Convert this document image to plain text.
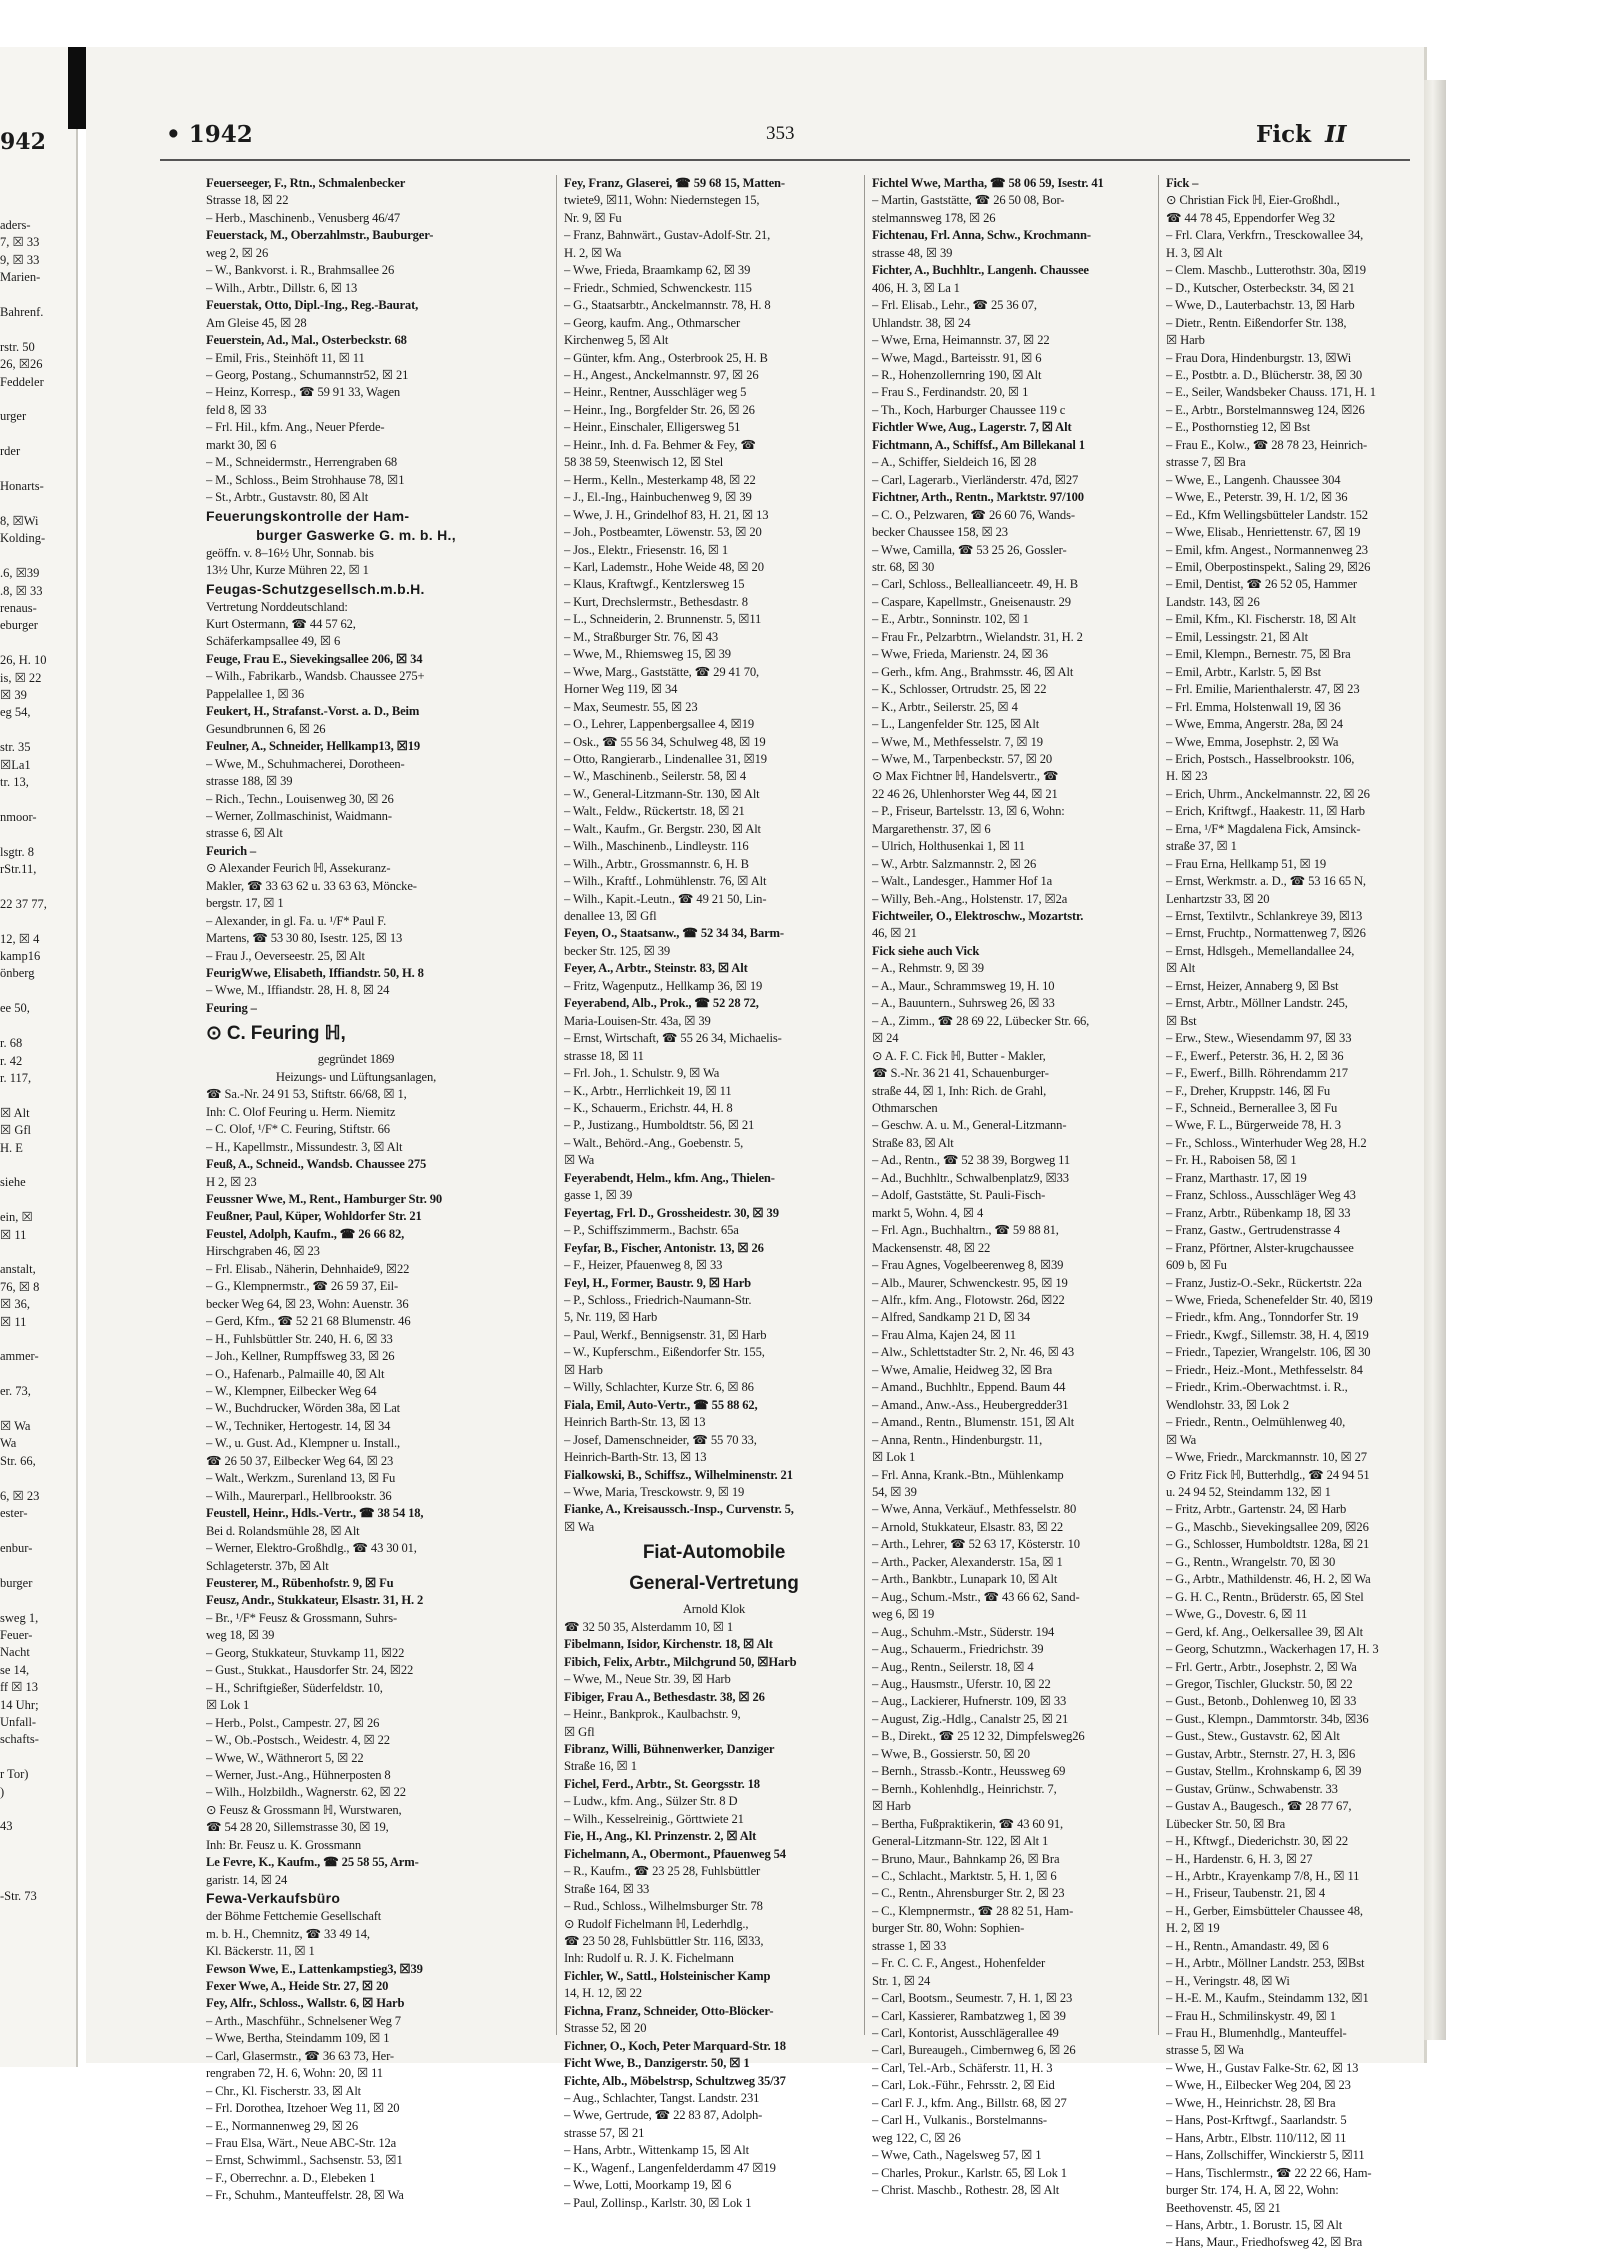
942
aders-
7, ☒ 33
9, ☒ 33
Marien-

Bahrenf.

rstr. 50
26, ☒26
Feddeler

urger

rder

Honarts-

8, ☒Wi
Kolding-

.6, ☒39
.8, ☒ 33
renaus-
eburger

26, H. 10
is, ☒ 22
☒ 39
eg 54,

str. 35
☒La1
tr. 13,

nmoor-

lsgtr. 8
rStr.11,

22 37 77,

12, ☒ 4
kamp16
önberg

ee 50,

r. 68
r. 42
r. 117,

☒ Alt
☒ Gfl
H. E

siehe

ein, ☒
☒ 11

anstalt,
76, ☒ 8
☒ 36,
☒ 11

ammer-

er. 73,

☒ Wa
Wa
Str. 66,

6, ☒ 23
ester-

enbur-

burger

sweg 1,
Feuer-
Nacht
se 14,
ff ☒ 13
14 Uhr;
Unfall-
schafts-

r Tor)
)

43

-Str. 73
• 1942	353	Fick II
Feuerseeger, F., Rtn., Schmalenbecker
Strasse 18, ☒ 22
– Herb., Maschinenb., Venusberg 46/47
Feuerstack, M., Oberzahlmstr., Bauburger-
weg 2, ☒ 26
– W., Bankvorst. i. R., Brahmsallee 26
– Wilh., Arbtr., Dillstr. 6, ☒ 13
Feuerstak, Otto, Dipl.-Ing., Reg.-Baurat,
Am Gleise 45, ☒ 28
Feuerstein, Ad., Mal., Osterbeckstr. 68
– Emil, Fris., Steinhöft 11, ☒ 11
– Georg, Postang., Schumannstr52, ☒ 21
– Heinz, Korresp., ☎ 59 91 33, Wagen
feld 8, ☒ 33
– Frl. Hil., kfm. Ang., Neuer Pferde-
markt 30, ☒ 6
– M., Schneidermstr., Herrengraben 68
– M., Schloss., Beim Strohhause 78, ☒1
– St., Arbtr., Gustavstr. 80, ☒ Alt
Feuerungskontrolle der Ham-
burger Gaswerke G. m. b. H.,
geöffn. v. 8–16½ Uhr, Sonnab. bis
13½ Uhr, Kurze Mühren 22, ☒ 1
Feugas-Schutzgesellsch.m.b.H.
Vertretung Norddeutschland:
Kurt Ostermann, ☎ 44 57 62,
Schäferkampsallee 49, ☒ 6
Feuge, Frau E., Sievekingsallee 206, ☒ 34
– Wilh., Fabrikarb., Wandsb. Chaussee 275+
Pappelallee 1, ☒ 36
Feukert, H., Strafanst.-Vorst. a. D., Beim
Gesundbrunnen 6, ☒ 26
Feulner, A., Schneider, Hellkamp13, ☒19
– Wwe, M., Schuhmacherei, Dorotheen-
strasse 188, ☒ 39
– Rich., Techn., Louisenweg 30, ☒ 26
– Werner, Zollmaschinist, Waidmann-
strasse 6, ☒ Alt
Feurich –
⊙ Alexander Feurich ℍ, Assekuranz-
Makler, ☎ 33 63 62 u. 33 63 63, Möncke-
bergstr. 17, ☒ 1
– Alexander, in gl. Fa. u. ¹/F* Paul F.
Martens, ☎ 53 30 80, Isestr. 125, ☒ 13
– Frau J., Oeverseestr. 25, ☒ Alt
FeurigWwe, Elisabeth, Iffiandstr. 50, H. 8
– Wwe, M., Iffiandstr. 28, H. 8, ☒ 24
Feuring –
⊙ C. Feuring ℍ,
gegründet 1869
Heizungs- und Lüftungsanlagen,
☎ Sa.-Nr. 24 91 53, Stiftstr. 66/68, ☒ 1,
Inh: C. Olof Feuring u. Herm. Niemitz
– C. Olof, ¹/F* C. Feuring, Stiftstr. 66
– H., Kapellmstr., Missundestr. 3, ☒ Alt
Feuß, A., Schneid., Wandsb. Chaussee 275
H 2, ☒ 23
Feussner Wwe, M., Rent., Hamburger Str. 90
Feußner, Paul, Küper, Wohldorfer Str. 21
Feustel, Adolph, Kaufm., ☎ 26 66 82,
Hirschgraben 46, ☒ 23
– Frl. Elisab., Näherin, Dehnhaide9, ☒22
– G., Klempnermstr., ☎ 26 59 37, Eil-
becker Weg 64, ☒ 23, Wohn: Auenstr. 36
– Gerd, Kfm., ☎ 52 21 68 Blumenstr. 46
– H., Fuhlsbüttler Str. 240, H. 6, ☒ 33
– Joh., Kellner, Rumpffsweg 33, ☒ 26
– O., Hafenarb., Palmaille 40, ☒ Alt
– W., Klempner, Eilbecker Weg 64
– W., Buchdrucker, Wörden 38a, ☒ Lat
– W., Techniker, Hertogestr. 14, ☒ 34
– W., u. Gust. Ad., Klempner u. Install.,
☎ 26 50 37, Eilbecker Weg 64, ☒ 23
– Walt., Werkzm., Surenland 13, ☒ Fu
– Wilh., Maurerparl., Hellbrookstr. 36
Feustell, Heinr., Hdls.-Vertr., ☎ 38 54 18,
Bei d. Rolandsmühle 28, ☒ Alt
– Werner, Elektro-Großhdlg., ☎ 43 30 01,
Schlageterstr. 37b, ☒ Alt
Feusterer, M., Rübenhofstr. 9, ☒ Fu
Feusz, Andr., Stukkateur, Elsastr. 31, H. 2
– Br., ¹/F* Feusz & Grossmann, Suhrs-
weg 18, ☒ 39
– Georg, Stukkateur, Stuvkamp 11, ☒22
– Gust., Stukkat., Hausdorfer Str. 24, ☒22
– H., Schriftgießer, Süderfeldstr. 10,
☒ Lok 1
– Herb., Polst., Campestr. 27, ☒ 26
– W., Ob.-Postsch., Weidestr. 4, ☒ 22
– Wwe, W., Wäthnerort 5, ☒ 22
– Werner, Just.-Ang., Hühnerposten 8
– Wilh., Holzbildh., Wagnerstr. 62, ☒ 22
⊙ Feusz & Grossmann ℍ, Wurstwaren,
☎ 54 28 20, Sillemstrasse 30, ☒ 19,
Inh: Br. Feusz u. K. Grossmann
Le Fevre, K., Kaufm., ☎ 25 58 55, Arm-
garistr. 14, ☒ 24
Fewa-Verkaufsbüro
der Böhme Fettchemie Gesellschaft
m. b. H., Chemnitz, ☎ 33 49 14,
Kl. Bäckerstr. 11, ☒ 1
Fewson Wwe, E., Lattenkampstieg3, ☒39
Fexer Wwe, A., Heide Str. 27, ☒ 20
Fey, Alfr., Schloss., Wallstr. 6, ☒ Harb
– Arth., Maschführ., Schnelsener Weg 7
– Wwe, Bertha, Steindamm 109, ☒ 1
– Carl, Glasermstr., ☎ 36 63 73, Her-
rengraben 72, H. 6, Wohn: 20, ☒ 11
– Chr., Kl. Fischerstr. 33, ☒ Alt
– Frl. Dorothea, Itzehoer Weg 11, ☒ 20
– E., Normannenweg 29, ☒ 26
– Frau Elsa, Wärt., Neue ABC-Str. 12a
– Ernst, Schwimml., Sachsenstr. 53, ☒1
– F., Oberrechnr. a. D., Elebeken 1
– Fr., Schuhm., Manteuffelstr. 28, ☒ Wa
Fey, Franz, Glaserei, ☎ 59 68 15, Matten-
twiete9, ☒11, Wohn: Niedernstegen 15,
Nr. 9, ☒ Fu
– Franz, Bahnwärt., Gustav-Adolf-Str. 21,
H. 2, ☒ Wa
– Wwe, Frieda, Braamkamp 62, ☒ 39
– Friedr., Schmied, Schwenckestr. 115
– G., Staatsarbtr., Anckelmannstr. 78, H. 8
– Georg, kaufm. Ang., Othmarscher
Kirchenweg 5, ☒ Alt
– Günter, kfm. Ang., Osterbrook 25, H. B
– H., Angest., Anckelmannstr. 97, ☒ 26
– Heinr., Rentner, Ausschläger weg 5
– Heinr., Ing., Borgfelder Str. 26, ☒ 26
– Heinr., Einschaler, Elligersweg 51
– Heinr., Inh. d. Fa. Behmer & Fey, ☎
58 38 59, Steenwisch 12, ☒ Stel
– Herm., Kelln., Mesterkamp 48, ☒ 22
– J., El.-Ing., Hainbuchenweg 9, ☒ 39
– Wwe, J. H., Grindelhof 83, H. 21, ☒ 13
– Joh., Postbeamter, Löwenstr. 53, ☒ 20
– Jos., Elektr., Friesenstr. 16, ☒ 1
– Karl, Lademstr., Hohe Weide 48, ☒ 20
– Klaus, Kraftwgf., Kentzlersweg 15
– Kurt, Drechslermstr., Bethesdastr. 8
– L., Schneiderin, 2. Brunnenstr. 5, ☒11
– M., Straßburger Str. 76, ☒ 43
– Wwe, M., Rhiemsweg 15, ☒ 39
– Wwe, Marg., Gaststätte, ☎ 29 41 70,
Horner Weg 119, ☒ 34
– Max, Seumestr. 55, ☒ 23
– O., Lehrer, Lappenbergsallee 4, ☒19
– Osk., ☎ 55 56 34, Schulweg 48, ☒ 19
– Otto, Rangierarb., Lindenallee 31, ☒19
– W., Maschinenb., Seilerstr. 58, ☒ 4
– W., General-Litzmann-Str. 130, ☒ Alt
– Walt., Feldw., Rückertstr. 18, ☒ 21
– Walt., Kaufm., Gr. Bergstr. 230, ☒ Alt
– Wilh., Maschinenb., Lindleystr. 116
– Wilh., Arbtr., Grossmannstr. 6, H. B
– Wilh., Kraftf., Lohmühlenstr. 76, ☒ Alt
– Wilh., Kapit.-Leutn., ☎ 49 21 50, Lin-
denallee 13, ☒ Gfl
Feyen, O., Staatsanw., ☎ 52 34 34, Barm-
becker Str. 125, ☒ 39
Feyer, A., Arbtr., Steinstr. 83, ☒ Alt
– Fritz, Wagenputz., Hellkamp 36, ☒ 19
Feyerabend, Alb., Prok., ☎ 52 28 72,
Maria-Louisen-Str. 43a, ☒ 39
– Ernst, Wirtschaft, ☎ 55 26 34, Michaelis-
strasse 18, ☒ 11
– Frl. Joh., 1. Schulstr. 9, ☒ Wa
– K., Arbtr., Herrlichkeit 19, ☒ 11
– K., Schauerm., Erichstr. 44, H. 8
– P., Justizang., Humboldtstr. 56, ☒ 21
– Walt., Behörd.-Ang., Goebenstr. 5,
☒ Wa
Feyerabendt, Helm., kfm. Ang., Thielen-
gasse 1, ☒ 39
Feyertag, Frl. D., Grossheidestr. 30, ☒ 39
– P., Schiffszimmerm., Bachstr. 65a
Feyfar, B., Fischer, Antonistr. 13, ☒ 26
– F., Heizer, Pfauenweg 8, ☒ 33
Feyl, H., Former, Baustr. 9, ☒ Harb
– P., Schloss., Friedrich-Naumann-Str.
5, Nr. 119, ☒ Harb
– Paul, Werkf., Bennigsenstr. 31, ☒ Harb
– W., Kupferschm., Eißendorfer Str. 155,
☒ Harb
– Willy, Schlachter, Kurze Str. 6, ☒ 86
Fiala, Emil, Auto-Vertr., ☎ 55 88 62,
Heinrich Barth-Str. 13, ☒ 13
– Josef, Damenschneider, ☎ 55 70 33,
Heinrich-Barth-Str. 13, ☒ 13
Fialkowski, B., Schiffsz., Wilhelminenstr. 21
– Wwe, Maria, Tresckowstr. 9, ☒ 19
Fianke, A., Kreisaussch.-Insp., Curvenstr. 5,
☒ Wa
Fiat-Automobile
General-Vertretung
Arnold Klok
☎ 32 50 35, Alsterdamm 10, ☒ 1
Fibelmann, Isidor, Kirchenstr. 18, ☒ Alt
Fibich, Felix, Arbtr., Milchgrund 50, ☒Harb
– Wwe, M., Neue Str. 39, ☒ Harb
Fibiger, Frau A., Bethesdastr. 38, ☒ 26
– Heinr., Bankprok., Kaulbachstr. 9,
☒ Gfl
Fibranz, Willi, Bühnenwerker, Danziger
Straße 16, ☒ 1
Fichel, Ferd., Arbtr., St. Georgsstr. 18
– Ludw., kfm. Ang., Sülzer Str. 8 D
– Wilh., Kesselreinig., Görttwiete 21
Fie, H., Ang., Kl. Prinzenstr. 2, ☒ Alt
Fichelmann, A., Obermont., Pfauenweg 54
– R., Kaufm., ☎ 23 25 28, Fuhlsbüttler
Straße 164, ☒ 33
– Rud., Schloss., Wilhelmsburger Str. 78
⊙ Rudolf Fichelmann ℍ, Lederhdlg.,
☎ 23 50 28, Fuhlsbüttler Str. 116, ☒33,
Inh: Rudolf u. R. J. K. Fichelmann
Fichler, W., Sattl., Holsteinischer Kamp
14, H. 12, ☒ 22
Fichna, Franz, Schneider, Otto-Blöcker-
Strasse 52, ☒ 20
Fichner, O., Koch, Peter Marquard-Str. 18
Ficht Wwe, B., Danzigerstr. 50, ☒ 1
Fichte, Alb., Möbelstrsp, Schultzweg 35/37
– Aug., Schlachter, Tangst. Landstr. 231
– Wwe, Gertrude, ☎ 22 83 87, Adolph-
strasse 57, ☒ 21
– Hans, Arbtr., Wittenkamp 15, ☒ Alt
– K., Wagenf., Langenfelderdamm 47 ☒19
– Wwe, Lotti, Moorkamp 19, ☒ 6
– Paul, Zollinsp., Karlstr. 30, ☒ Lok 1
Fichtel Wwe, Martha, ☎ 58 06 59, Isestr. 41
– Martin, Gaststätte, ☎ 26 50 08, Bor-
stelmannsweg 178, ☒ 26
Fichtenau, Frl. Anna, Schw., Krochmann-
strasse 48, ☒ 39
Fichter, A., Buchhltr., Langenh. Chaussee
406, H. 3, ☒ La 1
– Frl. Elisab., Lehr., ☎ 25 36 07,
Uhlandstr. 38, ☒ 24
– Wwe, Erna, Heimannstr. 37, ☒ 22
– Wwe, Magd., Barteisstr. 91, ☒ 6
– R., Hohenzollernring 190, ☒ Alt
– Frau S., Ferdinandstr. 20, ☒ 1
– Th., Koch, Harburger Chaussee 119 c
Fichtler Wwe, Aug., Lagerstr. 7, ☒ Alt
Fichtmann, A., Schiffsf., Am Billekanal 1
– A., Schiffer, Sieldeich 16, ☒ 28
– Carl, Lagerarb., Vierländerstr. 47d, ☒27
Fichtner, Arth., Rentn., Marktstr. 97/100
– C. O., Pelzwaren, ☎ 26 60 76, Wands-
becker Chaussee 158, ☒ 23
– Wwe, Camilla, ☎ 53 25 26, Gossler-
str. 68, ☒ 30
– Carl, Schloss., Belleallianceetr. 49, H. B
– Caspare, Kapellmstr., Gneisenaustr. 29
– E., Arbtr., Sonninstr. 102, ☒ 1
– Frau Fr., Pelzarbtrn., Wielandstr. 31, H. 2
– Wwe, Frieda, Marienstr. 24, ☒ 36
– Gerh., kfm. Ang., Brahmsstr. 46, ☒ Alt
– K., Schlosser, Ortrudstr. 25, ☒ 22
– K., Arbtr., Seilerstr. 25, ☒ 4
– L., Langenfelder Str. 125, ☒ Alt
– Wwe, M., Methfesselstr. 7, ☒ 19
– Wwe, M., Tarpenbeckstr. 57, ☒ 20
⊙ Max Fichtner ℍ, Handelsvertr., ☎
22 46 26, Uhlenhorster Weg 44, ☒ 21
– P., Friseur, Bartelsstr. 13, ☒ 6, Wohn:
Margarethenstr. 37, ☒ 6
– Ulrich, Holthusenkai 1, ☒ 11
– W., Arbtr. Salzmannstr. 2, ☒ 26
– Walt., Landesger., Hammer Hof 1a
– Willy, Beh.-Ang., Holstenstr. 17, ☒2a
Fichtweiler, O., Elektroschw., Mozartstr.
46, ☒ 21
Fick siehe auch Vick
– A., Rehmstr. 9, ☒ 39
– A., Maur., Schrammsweg 19, H. 10
– A., Bauuntern., Suhrsweg 26, ☒ 33
– A., Zimm., ☎ 28 69 22, Lübecker Str. 66,
☒ 24
⊙ A. F. C. Fick ℍ, Butter - Makler,
☎ S.-Nr. 36 21 41, Schauenburger-
straße 44, ☒ 1, Inh: Rich. de Grahl,
Othmarschen
– Geschw. A. u. M., General-Litzmann-
Straße 83, ☒ Alt
– Ad., Rentn., ☎ 52 38 39, Borgweg 11
– Ad., Buchhltr., Schwalbenplatz9, ☒33
– Adolf, Gaststätte, St. Pauli-Fisch-
markt 5, Wohn. 4, ☒ 4
– Frl. Agn., Buchhaltrn., ☎ 59 88 81,
Mackensenstr. 48, ☒ 22
– Frau Agnes, Vogelbeerenweg 8, ☒39
– Alb., Maurer, Schwenckestr. 95, ☒ 19
– Alfr., kfm. Ang., Flotowstr. 26d, ☒22
– Alfred, Sandkamp 21 D, ☒ 34
– Frau Alma, Kajen 24, ☒ 11
– Alw., Schlettstadter Str. 2, Nr. 46, ☒ 43
– Wwe, Amalie, Heidweg 32, ☒ Bra
– Amand., Buchhltr., Eppend. Baum 44
– Amand., Anw.-Ass., Heubergredder31
– Amand., Rentn., Blumenstr. 151, ☒ Alt
– Anna, Rentn., Hindenburgstr. 11,
☒ Lok 1
– Frl. Anna, Krank.-Btn., Mühlenkamp
54, ☒ 39
– Wwe, Anna, Verkäuf., Methfesselstr. 80
– Arnold, Stukkateur, Elsastr. 83, ☒ 22
– Arth., Lehrer, ☎ 52 63 17, Kösterstr. 10
– Arth., Packer, Alexanderstr. 15a, ☒ 1
– Arth., Bankbtr., Lunapark 10, ☒ Alt
– Aug., Schum.-Mstr., ☎ 43 66 62, Sand-
weg 6, ☒ 19
– Aug., Schuhm.-Mstr., Süderstr. 194
– Aug., Schauerm., Friedrichstr. 39
– Aug., Rentn., Seilerstr. 18, ☒ 4
– Aug., Hausmstr., Uferstr. 10, ☒ 22
– Aug., Lackierer, Hufnerstr. 109, ☒ 33
– August, Zig.-Hdlg., Canalstr 25, ☒ 21
– B., Direkt., ☎ 25 12 32, Dimpfelsweg26
– Wwe, B., Gossierstr. 50, ☒ 20
– Bernh., Strassb.-Kontr., Heussweg 69
– Bernh., Kohlenhdlg., Heinrichstr. 7,
☒ Harb
– Bertha, Fußpraktikerin, ☎ 43 60 91,
General-Litzmann-Str. 122, ☒ Alt 1
– Bruno, Maur., Bahnkamp 26, ☒ Bra
– C., Schlacht., Marktstr. 5, H. 1, ☒ 6
– C., Rentn., Ahrensburger Str. 2, ☒ 23
– C., Klempnermstr., ☎ 28 82 51, Ham-
burger Str. 80, Wohn: Sophien-
strasse 1, ☒ 33
– Fr. C. C. F., Angest., Hohenfelder
Str. 1, ☒ 24
– Carl, Bootsm., Seumestr. 7, H. 1, ☒ 23
– Carl, Kassierer, Rambatzweg 1, ☒ 39
– Carl, Kontorist, Ausschlägerallee 49
– Carl, Bureaugeh., Cimbernweg 6, ☒ 26
– Carl, Tel.-Arb., Schäferstr. 11, H. 3
– Carl, Lok.-Führ., Fehrsstr. 2, ☒ Eid
– Carl F. J., kfm. Ang., Billstr. 68, ☒ 27
– Carl H., Vulkanis., Borstelmanns-
weg 122, C, ☒ 26
– Wwe, Cath., Nagelsweg 57, ☒ 1
– Charles, Prokur., Karlstr. 65, ☒ Lok 1
– Christ. Maschb., Rothestr. 28, ☒ Alt
Fick –
⊙ Christian Fick ℍ, Eier-Großhdl.,
☎ 44 78 45, Eppendorfer Weg 32
– Frl. Clara, Verkfrn., Tresckowallee 34,
H. 3, ☒ Alt
– Clem. Maschb., Lutterothstr. 30a, ☒19
– D., Kutscher, Osterbeckstr. 34, ☒ 21
– Wwe, D., Lauterbachstr. 13, ☒ Harb
– Dietr., Rentn. Eißendorfer Str. 138,
☒ Harb
– Frau Dora, Hindenburgstr. 13, ☒Wi
– E., Postbtr. a. D., Blücherstr. 38, ☒ 30
– E., Seiler, Wandsbeker Chauss. 171, H. 1
– E., Arbtr., Borstelmannsweg 124, ☒26
– E., Posthornstieg 12, ☒ Bst
– Frau E., Kolw., ☎ 28 78 23, Heinrich-
strasse 7, ☒ Bra
– Wwe, E., Langenh. Chaussee 304
– Wwe, E., Peterstr. 39, H. 1/2, ☒ 36
– Ed., Kfm Wellingsbütteler Landstr. 152
– Wwe, Elisab., Henriettenstr. 67, ☒ 19
– Emil, kfm. Angest., Normannenweg 23
– Emil, Oberpostinspekt., Saling 29, ☒26
– Emil, Dentist, ☎ 26 52 05, Hammer
Landstr. 143, ☒ 26
– Emil, Kfm., Kl. Fischerstr. 18, ☒ Alt
– Emil, Lessingstr. 21, ☒ Alt
– Emil, Klempn., Bernestr. 75, ☒ Bra
– Emil, Arbtr., Karlstr. 5, ☒ Bst
– Frl. Emilie, Marienthalerstr. 47, ☒ 23
– Frl. Emma, Holstenwall 19, ☒ 36
– Wwe, Emma, Angerstr. 28a, ☒ 24
– Wwe, Emma, Josephstr. 2, ☒ Wa
– Erich, Postsch., Hasselbrookstr. 106,
H. ☒ 23
– Erich, Uhrm., Anckelmannstr. 22, ☒ 26
– Erich, Kriftwgf., Haakestr. 11, ☒ Harb
– Erna, ¹/F* Magdalena Fick, Amsinck-
straße 37, ☒ 1
– Frau Erna, Hellkamp 51, ☒ 19
– Ernst, Werkmstr. a. D., ☎ 53 16 65 N,
Lenhartzstr 33, ☒ 20
– Ernst, Textilvtr., Schlankreye 39, ☒13
– Ernst, Fruchtp., Normattenweg 7, ☒26
– Ernst, Hdlsgeh., Memellandallee 24,
☒ Alt
– Ernst, Heizer, Annaberg 9, ☒ Bst
– Ernst, Arbtr., Möllner Landstr. 245,
☒ Bst
– Erw., Stew., Wiesendamm 97, ☒ 33
– F., Ewerf., Peterstr. 36, H. 2, ☒ 36
– F., Ewerf., Billh. Röhrendamm 217
– F., Dreher, Kruppstr. 146, ☒ Fu
– F., Schneid., Bernerallee 3, ☒ Fu
– Wwe, F. L., Bürgerweide 78, H. 3
– Fr., Schloss., Winterhuder Weg 28, H.2
– Fr. H., Raboisen 58, ☒ 1
– Franz, Marthastr. 17, ☒ 19
– Franz, Schloss., Ausschläger Weg 43
– Franz, Arbtr., Rübenkamp 18, ☒ 33
– Franz, Gastw., Gertrudenstrasse 4
– Franz, Pförtner, Alster-krugchaussee
609 b, ☒ Fu
– Franz, Justiz-O.-Sekr., Rückertstr. 22a
– Wwe, Frieda, Schenefelder Str. 40, ☒19
– Friedr., kfm. Ang., Tonndorfer Str. 19
– Friedr., Kwgf., Sillemstr. 38, H. 4, ☒19
– Friedr., Tapezier, Wrangelstr. 106, ☒ 30
– Friedr., Heiz.-Mont., Methfesselstr. 84
– Friedr., Krim.-Oberwachtmst. i. R.,
Wendlohstr. 33, ☒ Lok 2
– Friedr., Rentn., Oelmühlenweg 40,
☒ Wa
– Wwe, Friedr., Marckmannstr. 10, ☒ 27
⊙ Fritz Fick ℍ, Butterhdlg., ☎ 24 94 51
u. 24 94 52, Steindamm 132, ☒ 1
– Fritz, Arbtr., Gartenstr. 24, ☒ Harb
– G., Maschb., Sievekingsallee 209, ☒26
– G., Schlosser, Humboldtstr. 128a, ☒ 21
– G., Rentn., Wrangelstr. 70, ☒ 30
– G., Arbtr., Mathildenstr. 46, H. 2, ☒ Wa
– G. H. C., Rentn., Brüderstr. 65, ☒ Stel
– Wwe, G., Dovestr. 6, ☒ 11
– Gerd, kf. Ang., Oelkersallee 39, ☒ Alt
– Georg, Schutzmn., Wackerhagen 17, H. 3
– Frl. Gertr., Arbtr., Josephstr. 2, ☒ Wa
– Gregor, Tischler, Gluckstr. 50, ☒ 22
– Gust., Betonb., Dohlenweg 10, ☒ 33
– Gust., Klempn., Dammtorstr. 34b, ☒36
– Gust., Stew., Gustavstr. 62, ☒ Alt
– Gustav, Arbtr., Sternstr. 27, H. 3, ☒6
– Gustav, Stellm., Krohnskamp 6, ☒ 39
– Gustav, Grünw., Schwabenstr. 33
– Gustav A., Baugesch., ☎ 28 77 67,
Lübecker Str. 50, ☒ Bra
– H., Kftwgf., Diederichstr. 30, ☒ 22
– H., Hardenstr. 6, H. 3, ☒ 27
– H., Arbtr., Krayenkamp 7/8, H., ☒ 11
– H., Friseur, Taubenstr. 21, ☒ 4
– H., Gerber, Eimsbütteler Chaussee 48,
H. 2, ☒ 19
– H., Rentn., Amandastr. 49, ☒ 6
– H., Arbtr., Möllner Landstr. 253, ☒Bst
– H., Veringstr. 48, ☒ Wi
– H.-E. M., Kaufm., Steindamm 132, ☒1
– Frau H., Schmilinskystr. 49, ☒ 1
– Frau H., Blumenhdlg., Manteuffel-
strasse 5, ☒ Wa
– Wwe, H., Gustav Falke-Str. 62, ☒ 13
– Wwe, H., Eilbecker Weg 204, ☒ 23
– Wwe, H., Heinrichstr. 28, ☒ Bra
– Hans, Post-Krftwgf., Saarlandstr. 5
– Hans, Arbtr., Elbstr. 110/112, ☒ 11
– Hans, Zollschiffer, Winckierstr 5, ☒11
– Hans, Tischlermstr., ☎ 22 22 66, Ham-
burger Str. 174, H. A, ☒ 22, Wohn:
Beethovenstr. 45, ☒ 21
– Hans, Arbtr., 1. Borustr. 15, ☒ Alt
– Hans, Maur., Friedhofsweg 42, ☒ Bra
